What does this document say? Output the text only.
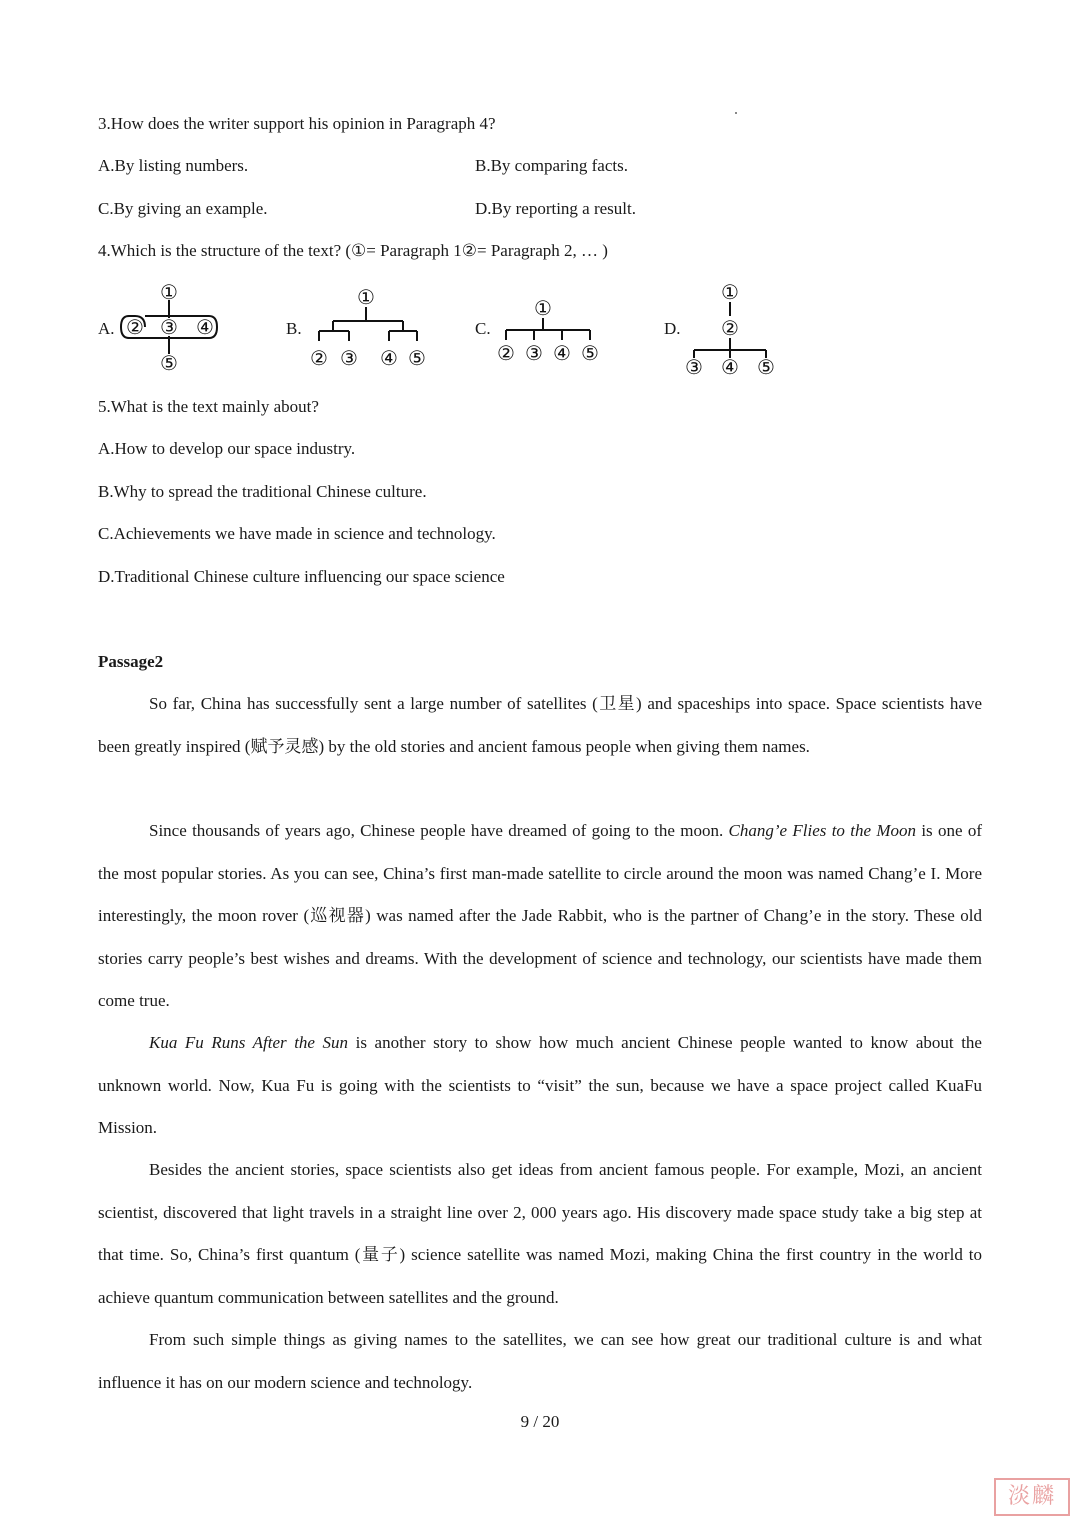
3.How does the writer support his opinion in Paragraph 4?
A.By listing numbers.	B.By comparing facts.
C.By giving an example.	D.By reporting a result.
4.Which is the structure of the text? (①= Paragraph 1②= Paragraph 2, … )
A.	B.	C.	D.
①
② ③ ④
⑤
①
② ③ ④ ⑤
①
② ③ ④ ⑤
①
②
③ ④ ⑤
5.What is the text mainly about?
A.How to develop our space industry.
B.Why to spread the traditional Chinese culture.
C.Achievements we have made in science and technology.
D.Traditional Chinese culture influencing our space science
Passage2
So far, China has successfully sent a large number of satellites (卫星) and spaceships into space. Space scientists have been greatly inspired (赋予灵感) by the old stories and ancient famous people when giving them names.
Since thousands of years ago, Chinese people have dreamed of going to the moon. Chang’e Flies to the Moon is one of the most popular stories. As you can see, China’s first man-made satellite to circle around the moon was named Chang’e I. More interestingly, the moon rover (巡视器) was named after the Jade Rabbit, who is the partner of Chang’e in the story. These old stories carry people’s best wishes and dreams. With the development of science and technology, our scientists have made them come true.
Kua Fu Runs After the Sun is another story to show how much ancient Chinese people wanted to know about the unknown world. Now, Kua Fu is going with the scientists to “visit” the sun, because we have a space project called KuaFu Mission.
Besides the ancient stories, space scientists also get ideas from ancient famous people. For example, Mozi, an ancient scientist, discovered that light travels in a straight line over 2, 000 years ago. His discovery made space study take a big step at that time. So, China’s first quantum (量子) science satellite was named Mozi, making China the first country in the world to achieve quantum communication between satellites and the ground.
From such simple things as giving names to the satellites, we can see how great our traditional culture is and what influence it has on our modern science and technology.
9 / 20
淡麟
